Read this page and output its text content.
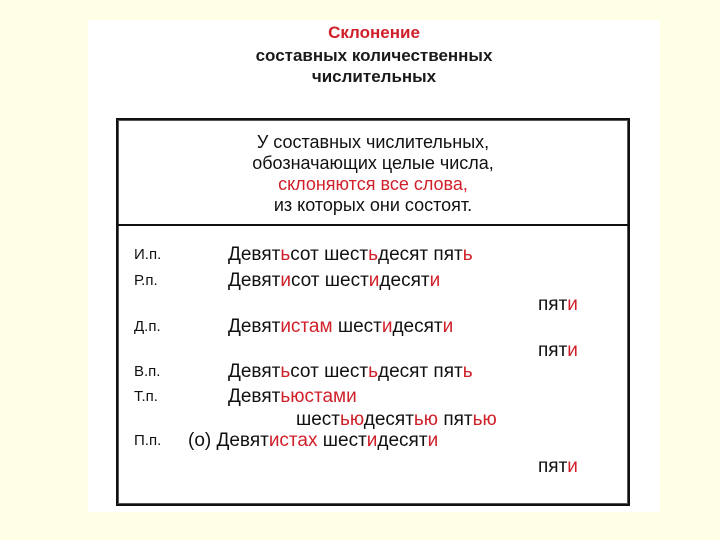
Склонение
составных количественных
числительных
У составных числительных,
обозначающих целые числа,
склоняются все слова,
из которых они состоят.
И.п.
Р.п.
Д.п.
В.п.
Т.п.
П.п.
Девятьсот шестьдесят пять
Девятисот шестидесяти
пяти
Девятистам шестидесяти
пяти
Девятьсот шестьдесят пять
Девятьюстами
шестьюдесятью пятью
(о) Девятистах шестидесяти
пяти
